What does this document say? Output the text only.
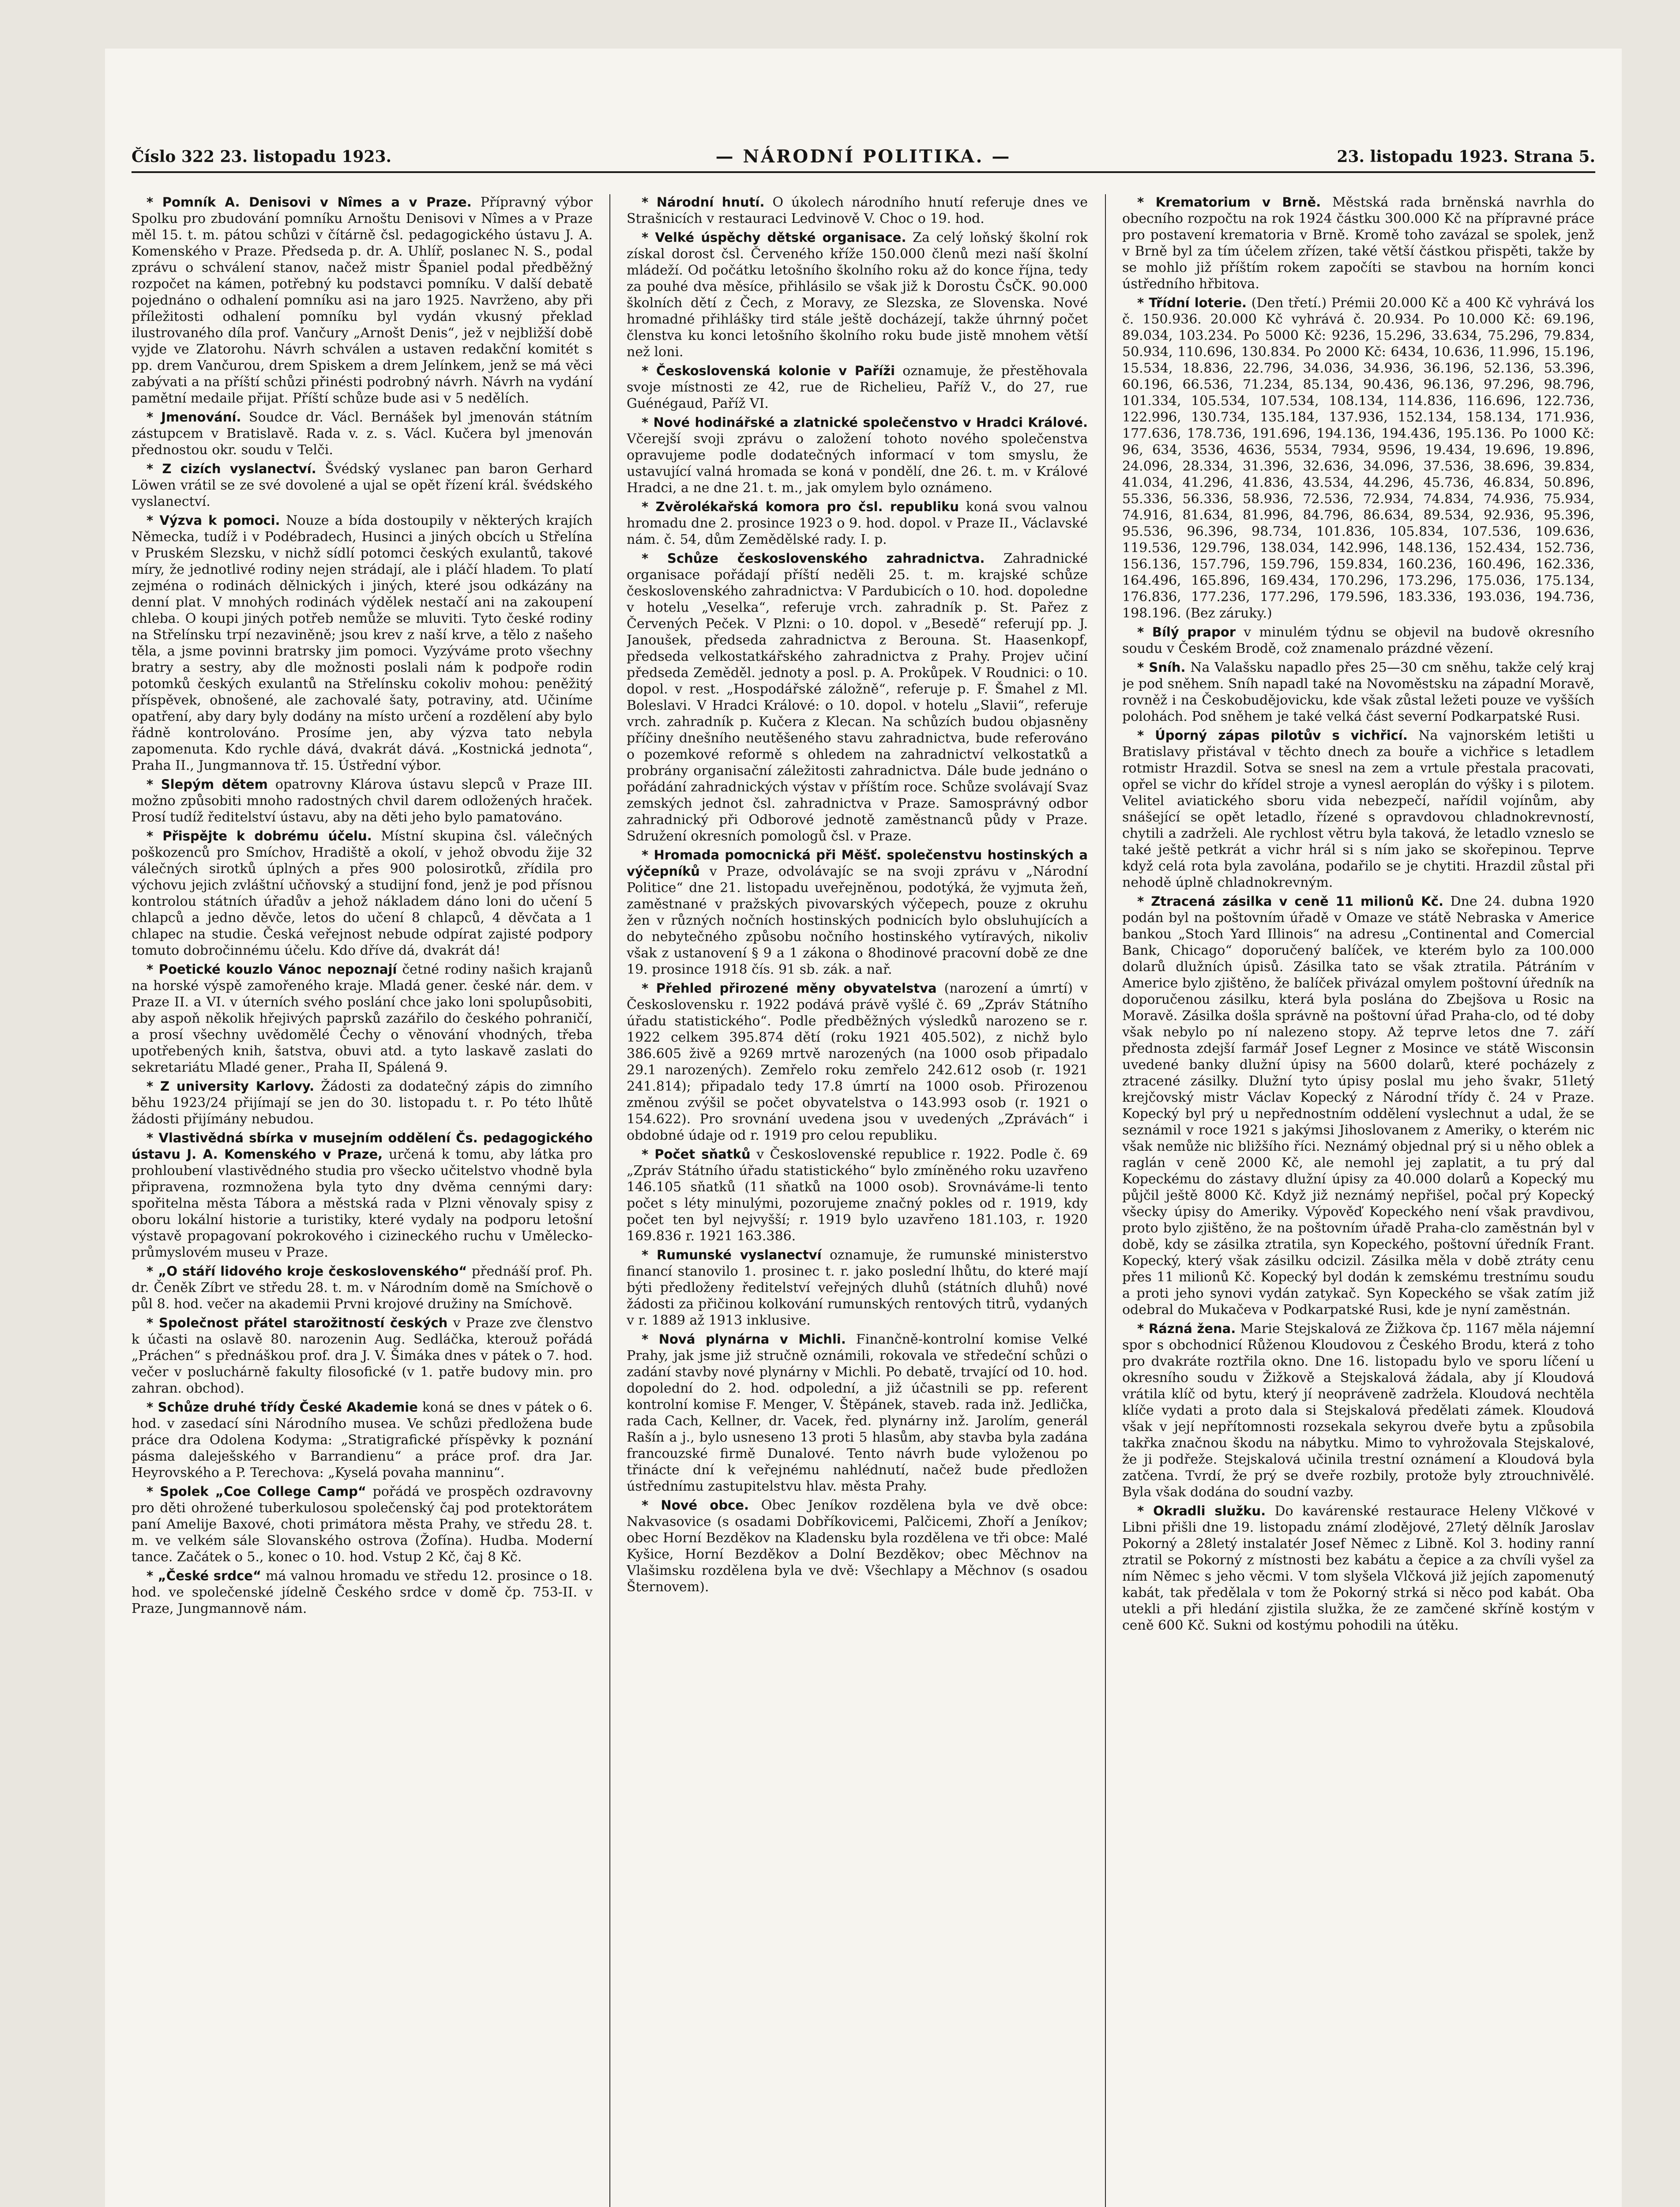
Číslo 322 23. listopadu 1923.	— NÁRODNÍ POLITIKA. —	23. listopadu 1923. Strana 5.

* Pomník A. Denisovi v Nîmes a v Praze. Přípravný výbor Spolku pro zbudování pomníku Arnoštu Denisovi v Nîmes a v Praze měl 15. t. m. pátou schůzi v čítárně čsl. pedagogického ústavu J. A. Komenského v Praze. Předseda p. dr. A. Uhlíř, poslanec N. S., podal zprávu o schválení stanov, načež mistr Španiel podal předběžný rozpočet na kámen, potřebný ku podstavci pomníku. V další debatě pojednáno o odhalení pomníku asi na jaro 1925. Navrženo, aby při příležitosti odhalení pomníku byl vydán vkusný překlad ilustrovaného díla prof. Vančury „Arnošt Denis“, jež v nejbližší době vyjde ve Zlatorohu. Návrh schválen a ustaven redakční komitét s pp. drem Vančurou, drem Spiskem a drem Jelínkem, jenž se má věci zabývati a na příští schůzi přinésti podrobný návrh. Návrh na vydání pamětní medaile přijat. Příští schůze bude asi v 5 nedělích.

* Jmenování. Soudce dr. Václ. Bernášek byl jmenován státním zástupcem v Bratislavě. Rada v. z. s. Václ. Kučera byl jmenován přednostou okr. soudu v Telči.

* Z cizích vyslanectví. Švédský vyslanec pan baron Gerhard Löwen vrátil se ze své dovolené a ujal se opět řízení král. švédského vyslanectví.

* Výzva k pomoci. Nouze a bída dostoupily v některých krajích Německa, tudíž i v Podébradech, Husinci a jiných obcích u Střelína v Pruském Slezsku, v nichž sídlí potomci českých exulantů, takové míry, že jednotlivé rodiny nejen strádají, ale i pláčí hladem. To platí zejména o rodinách dělnických i jiných, které jsou odkázány na denní plat. V mnohých rodinách výdělek nestačí ani na zakoupení chleba. O koupi jiných potřeb nemůže se mluviti. Tyto české rodiny na Střelínsku trpí nezaviněně; jsou krev z naší krve, a tělo z našeho těla, a jsme povinni bratrsky jim pomoci. Vyzýváme proto všechny bratry a sestry, aby dle možnosti poslali nám k podpoře rodin potomků českých exulantů na Střelínsku cokoliv mohou: peněžitý příspěvek, obnošené, ale zachovalé šaty, potraviny, atd. Učiníme opatření, aby dary byly dodány na místo určení a rozdělení aby bylo řádně kontrolováno. Prosíme jen, aby výzva tato nebyla zapomenuta. Kdo rychle dává, dvakrát dává. „Kostnická jednota“, Praha II., Jungmannova tř. 15. Ústřední výbor.

* Slepým dětem opatrovny Klárova ústavu slepců v Praze III. možno způsobiti mnoho radostných chvil darem odložených hraček. Prosí tudíž ředitelství ústavu, aby na děti jeho bylo pamatováno.

* Přispějte k dobrému účelu. Místní skupina čsl. válečných poškozenců pro Smíchov, Hradiště a okolí, v jehož obvodu žije 32 válečných sirotků úplných a přes 900 polosirotků, zřídila pro výchovu jejich zvláštní učňovský a studijní fond, jenž je pod přísnou kontrolou státních úřadův a jehož nákladem dáno loni do učení 5 chlapců a jedno děvče, letos do učení 8 chlapců, 4 děvčata a 1 chlapec na studie. Česká veřejnost nebude odpírat zajisté podpory tomuto dobročinnému účelu. Kdo dříve dá, dvakrát dá!

* Poetické kouzlo Vánoc nepoznají četné rodiny našich krajanů na horské výspě zamořeného kraje. Mladá gener. české nár. dem. v Praze II. a VI. v úterních svého poslání chce jako loni spolupůsobiti, aby aspoň několik hřejivých paprsků zazářilo do českého pohraničí, a prosí všechny uvědomělé Čechy o věnování vhodných, třeba upotřebených knih, šatstva, obuvi atd. a tyto laskavě zaslati do sekretariátu Mladé gener., Praha II, Spálená 9.

* Z university Karlovy. Žádosti za dodatečný zápis do zimního běhu 1923/24 přijímají se jen do 30. listopadu t. r. Po této lhůtě žádosti přijímány nebudou.

* Vlastivědná sbírka v musejním oddělení Čs. pedagogického ústavu J. A. Komenského v Praze, určená k tomu, aby látka pro prohloubení vlastivědného studia pro všecko učitelstvo vhodně byla připravena, rozmnožena byla tyto dny dvěma cennými dary: spořitelna města Tábora a městská rada v Plzni věnovaly spisy z oboru lokální historie a turistiky, které vydaly na podporu letošní výstavě propagovaní pokrokového i cizineckého ruchu v Umělecko-průmyslovém museu v Praze.

* „O stáří lidového kroje československého“ přednáší prof. Ph. dr. Čeněk Zíbrt ve středu 28. t. m. v Národním domě na Smíchově o půl 8. hod. večer na akademii Prvni krojové družiny na Smíchově.

* Společnost přátel starožitností českých v Praze zve členstvo k účasti na oslavě 80. narozenin Aug. Sedláčka, kterouž pořádá „Práchen“ s přednáškou prof. dra J. V. Šimáka dnes v pátek o 7. hod. večer v posluchárně fakulty filosofické (v 1. patře budovy min. pro zahran. obchod).

* Schůze druhé třídy České Akademie koná se dnes v pátek o 6. hod. v zasedací síni Národního musea. Ve schůzi předložena bude práce dra Odolena Kodyma: „Stratigrafické příspěvky k poznání pásma daleješského v Barrandienu“ a práce prof. dra Jar. Heyrovského a P. Terechova: „Kyselá povaha manninu“.

* Spolek „Coe College Camp“ pořádá ve prospěch ozdravovny pro děti ohrožené tuberkulosou společenský čaj pod protektorátem paní Amelije Baxové, choti primátora města Prahy, ve středu 28. t. m. ve velkém sále Slovanského ostrova (Žofína). Hudba. Moderní tance. Začátek o 5., konec o 10. hod. Vstup 2 Kč, čaj 8 Kč.

* „České srdce“ má valnou hromadu ve středu 12. prosince o 18. hod. ve společenské jídelně Českého srdce v domě čp. 753-II. v Praze, Jungmannově nám.

* Národní hnutí. O úkolech národního hnutí referuje dnes ve Strašnicích v restauraci Ledvinově V. Choc o 19. hod.

* Velké úspěchy dětské organisace. Za celý loňský školní rok získal dorost čsl. Červeného kříže 150.000 členů mezi naší školní mládeží. Od počátku letošního školního roku až do konce října, tedy za pouhé dva měsíce, přihlásilo se však již k Dorostu ČsČK. 90.000 školních dětí z Čech, z Moravy, ze Slezska, ze Slovenska. Nové hromadné přihlášky tird stále ještě docházejí, takže úhrnný počet členstva ku konci letošního školního roku bude jistě mnohem větší než loni.

* Československá kolonie v Paříži oznamuje, že přestěhovala svoje místnosti ze 42, rue de Richelieu, Paříž V., do 27, rue Guénégaud, Paříž VI.

* Nové hodinářské a zlatnické společenstvo v Hradci Králové. Včerejší svoji zprávu o založení tohoto nového společenstva opravujeme podle dodatečných informací v tom smyslu, že ustavující valná hromada se koná v pondělí, dne 26. t. m. v Králové Hradci, a ne dne 21. t. m., jak omylem bylo oznámeno.

* Zvěrolékařská komora pro čsl. republiku koná svou valnou hromadu dne 2. prosince 1923 o 9. hod. dopol. v Praze II., Václavské nám. č. 54, dům Zemědělské rady. I. p.

* Schůze československého zahradnictva. Zahradnické organisace pořádají příští neděli 25. t. m. krajské schůze československého zahradnictva: V Pardubicích o 10. hod. dopoledne v hotelu „Veselka“, referuje vrch. zahradník p. St. Pařez z Červených Peček. V Plzni: o 10. dopol. v „Besedě“ referují pp. J. Janoušek, předseda zahradnictva z Berouna. St. Haasenkopf, předseda velkostatkářského zahradnictva z Prahy. Projev učiní předseda Zeměděl. jednoty a posl. p. A. Prokůpek. V Roudnici: o 10. dopol. v rest. „Hospodářské záložně“, referuje p. F. Šmahel z Ml. Boleslavi. V Hradci Králové: o 10. dopol. v hotelu „Slavii“, referuje vrch. zahradník p. Kučera z Klecan. Na schůzích budou objasněny příčiny dnešního neutěšeného stavu zahradnictva, bude referováno o pozemkové reformě s ohledem na zahradnictví velkostatků a probrány organisační záležitosti zahradnictva. Dále bude jednáno o pořádání zahradnických výstav v příštím roce. Schůze svolávají Svaz zemských jednot čsl. zahradnictva v Praze. Samosprávný odbor zahradnický při Odborové jednotě zaměstnanců půdy v Praze. Sdružení okresních pomologů čsl. v Praze.

* Hromada pomocnická při Měšť. společenstvu hostinských a výčepníků v Praze, odvolávajíc se na svoji zprávu v „Národní Politice“ dne 21. listopadu uveřejněnou, podotýká, že vyjmuta žeň, zaměstnané v pražských pivovarských výčepech, pouze z okruhu žen v různých nočních hostinských podnicích bylo obsluhujících a do nebytečného způsobu nočního hostinského vytíravých, nikoliv však z ustanovení § 9 a 1 zákona o 8hodinové pracovní době ze dne 19. prosince 1918 čís. 91 sb. zák. a nař.

* Přehled přirozené měny obyvatelstva (narození a úmrtí) v Československu r. 1922 podává právě vyšlé č. 69 „Zpráv Státního úřadu statistického“. Podle předběžných výsledků narozeno se r. 1922 celkem 395.874 dětí (roku 1921 405.502), z nichž bylo 386.605 živě a 9269 mrtvě narozených (na 1000 osob připadalo 29.1 narozených). Zemřelo roku zemřelo 242.612 osob (r. 1921 241.814); připadalo tedy 17.8 úmrtí na 1000 osob. Přirozenou změnou zvýšil se počet obyvatelstva o 143.993 osob (r. 1921 o 154.622). Pro srovnání uvedena jsou v uvedených „Zprávách“ i obdobné údaje od r. 1919 pro celou republiku.

* Počet sňatků v Československé republice r. 1922. Podle č. 69 „Zpráv Státního úřadu statistického“ bylo zmíněného roku uzavřeno 146.105 sňatků (11 sňatků na 1000 osob). Srovnáváme-li tento počet s léty minulými, pozorujeme značný pokles od r. 1919, kdy počet ten byl nejvyšší; r. 1919 bylo uzavřeno 181.103, r. 1920 169.836 r. 1921 163.386.

* Rumunské vyslanectví oznamuje, že rumunské ministerstvo financí stanovilo 1. prosinec t. r. jako poslední lhůtu, do které mají býti předloženy ředitelství veřejných dluhů (státních dluhů) nové žádosti za přičinou kolkování rumunských rentových titrů, vydaných v r. 1889 až 1913 inklusive.

* Nová plynárna v Michli. Finančně-kontrolní komise Velké Prahy, jak jsme již stručně oznámili, rokovala ve středeční schůzi o zadání stavby nové plynárny v Michli. Po debatě, trvající od 10. hod. dopolední do 2. hod. odpolední, a již účastnili se pp. referent kontrolní komise F. Menger, V. Štěpánek, staveb. rada inž. Jedlička, rada Cach, Kellner, dr. Vacek, řed. plynárny inž. Jarolím, generál Rašín a j., bylo usneseno 13 proti 5 hlasům, aby stavba byla zadána francouzské firmě Dunalové. Tento návrh bude vyloženou po třinácte dní k veřejnému nahlédnutí, načež bude předložen ústřednímu zastupitelstvu hlav. města Prahy.

* Nové obce. Obec Jeníkov rozdělena byla ve dvě obce: Nakvasovice (s osadami Dobříkovicemi, Palčicemi, Zhoří a Jeníkov; obec Horní Bezděkov na Kladensku byla rozdělena ve tři obce: Malé Kyšice, Horní Bezděkov a Dolní Bezděkov; obec Měchnov na Vlašimsku rozdělena byla ve dvě: Všechlapy a Měchnov (s osadou Šternovem).

* Krematorium v Brně. Městská rada brněnská navrhla do obecního rozpočtu na rok 1924 částku 300.000 Kč na přípravné práce pro postavení krematoria v Brně. Kromě toho zavázal se spolek, jenž v Brně byl za tím účelem zřízen, také větší částkou přispěti, takže by se mohlo již příštím rokem započíti se stavbou na horním konci ústředního hřbitova.

* Třídní loterie. (Den třetí.) Prémii 20.000 Kč a 400 Kč vyhrává los č. 150.936. 20.000 Kč vyhrává č. 20.934. Po 10.000 Kč: 69.196, 89.034, 103.234. Po 5000 Kč: 9236, 15.296, 33.634, 75.296, 79.834, 50.934, 110.696, 130.834. Po 2000 Kč: 6434, 10.636, 11.996, 15.196, 15.534, 18.836, 22.796, 34.036, 34.936, 36.196, 52.136, 53.396, 60.196, 66.536, 71.234, 85.134, 90.436, 96.136, 97.296, 98.796, 101.334, 105.534, 107.534, 108.134, 114.836, 116.696, 122.736, 122.996, 130.734, 135.184, 137.936, 152.134, 158.134, 171.936, 177.636, 178.736, 191.696, 194.136, 194.436, 195.136. Po 1000 Kč: 96, 634, 3536, 4636, 5534, 7934, 9596, 19.434, 19.696, 19.896, 24.096, 28.334, 31.396, 32.636, 34.096, 37.536, 38.696, 39.834, 41.034, 41.296, 41.836, 43.534, 44.296, 45.736, 46.834, 50.896, 55.336, 56.336, 58.936, 72.536, 72.934, 74.834, 74.936, 75.934, 74.916, 81.634, 81.996, 84.796, 86.634, 89.534, 92.936, 95.396, 95.536, 96.396, 98.734, 101.836, 105.834, 107.536, 109.636, 119.536, 129.796, 138.034, 142.996, 148.136, 152.434, 152.736, 156.136, 157.796, 159.796, 159.834, 160.236, 160.496, 162.336, 164.496, 165.896, 169.434, 170.296, 173.296, 175.036, 175.134, 176.836, 177.236, 177.296, 179.596, 183.336, 193.036, 194.736, 198.196. (Bez záruky.)

* Bílý prapor v minulém týdnu se objevil na budově okresního soudu v Českém Brodě, což znamenalo prázdné vězení.

* Sníh. Na Valašsku napadlo přes 25—30 cm sněhu, takže celý kraj je pod sněhem. Sníh napadl také na Novoměstsku na západní Moravě, rovněž i na Českobudějovicku, kde však zůstal ležeti pouze ve vyšších polohách. Pod sněhem je také velká část severní Podkarpatské Rusi.

* Úporný zápas pilotův s vichřicí. Na vajnorském letišti u Bratislavy přistával v těchto dnech za bouře a vichřice s letadlem rotmistr Hrazdil. Sotva se snesl na zem a vrtule přestala pracovati, opřel se vichr do křídel stroje a vynesl aeroplán do výšky i s pilotem. Velitel aviatického sboru vida nebezpečí, nařídil vojínům, aby snášející se opět letadlo, řízené s opravdovou chladnokrevností, chytili a zadrželi. Ale rychlost větru byla taková, že letadlo vzneslo se také ještě petkrát a vichr hrál si s ním jako se skořepinou. Teprve když celá rota byla zavolána, podařilo se je chytiti. Hrazdil zůstal při nehodě úplně chladnokrevným.

* Ztracená zásilka v ceně 11 milionů Kč. Dne 24. dubna 1920 podán byl na poštovním úřadě v Omaze ve státě Nebraska v Americe bankou „Stoch Yard Illinois“ na adresu „Continental and Comercial Bank, Chicago“ doporučený balíček, ve kterém bylo za 100.000 dolarů dlužních úpisů. Zásilka tato se však ztratila. Pátráním v Americe bylo zjištěno, že balíček přivázal omylem poštovní úředník na doporučenou zásilku, která byla poslána do Zbejšova u Rosic na Moravě. Zásilka došla správně na poštovní úřad Praha-clo, od té doby však nebylo po ní nalezeno stopy. Až teprve letos dne 7. září přednosta zdejší farmář Josef Legner z Mosince ve státě Wisconsin uvedené banky dlužní úpisy na 5600 dolarů, které pocházely z ztracené zásilky. Dlužní tyto úpisy poslal mu jeho švakr, 51letý krejčovský mistr Václav Kopecký z Národní třídy č. 24 v Praze. Kopecký byl prý u nepřednostním oddělení vyslechnut a udal, že se seznámil v roce 1921 s jakýmsi Jihoslovanem z Ameriky, o kterém nic však nemůže nic bližšího říci. Neznámý objednal prý si u něho oblek a raglán v ceně 2000 Kč, ale nemohl jej zaplatit, a tu prý dal Kopeckému do zástavy dlužní úpisy za 40.000 dolarů a Kopecký mu půjčil ještě 8000 Kč. Když již neznámý nepřišel, počal prý Kopecký všecky úpisy do Ameriky. Výpověď Kopeckého není však pravdivou, proto bylo zjištěno, že na poštovním úřadě Praha-clo zaměstnán byl v době, kdy se zásilka ztratila, syn Kopeckého, poštovní úředník Frant. Kopecký, který však zásilku odcizil. Zásilka měla v době ztráty cenu přes 11 milionů Kč. Kopecký byl dodán k zemskému trestnímu soudu a proti jeho synovi vydán zatykač. Syn Kopeckého se však zatím již odebral do Mukačeva v Podkarpatské Rusi, kde je nyní zaměstnán.

* Rázná žena. Marie Stejskalová ze Žižkova čp. 1167 měla nájemní spor s obchodnicí Růženou Kloudovou z Českého Brodu, která z toho pro dvakráte roztřila okno. Dne 16. listopadu bylo ve sporu líčení u okresního soudu v Žižkově a Stejskalová žádala, aby jí Kloudová vrátila klíč od bytu, který jí neopráveně zadržela. Kloudová nechtěla klíče vydati a proto dala si Stejskalová předělati zámek. Kloudová však v její nepřítomnosti rozsekala sekyrou dveře bytu a způsobila takřka značnou škodu na nábytku. Mimo to vyhrožovala Stejskalové, že ji podřeže. Stejskalová učinila trestní oznámení a Kloudová byla zatčena. Tvrdí, že prý se dveře rozbily, protože byly ztrouchnivělé. Byla však dodána do soudní vazby.

* Okradli služku. Do kavárenské restaurace Heleny Vlčkové v Libni přišli dne 19. listopadu známí zlodějové, 27letý dělník Jaroslav Pokorný a 28letý instalatér Josef Němec z Libně. Kol 3. hodiny ranní ztratil se Pokorný z místnosti bez kabátu a čepice a za chvíli vyšel za ním Němec s jeho věcmi. V tom slyšela Vlčková již jejích zapomenutý kabát, tak předělala v tom že Pokorný strká si něco pod kabát. Oba utekli a při hledání zjistila služka, že ze zamčené skříně kostým v ceně 600 Kč. Sukni od kostýmu pohodili na útěku.
